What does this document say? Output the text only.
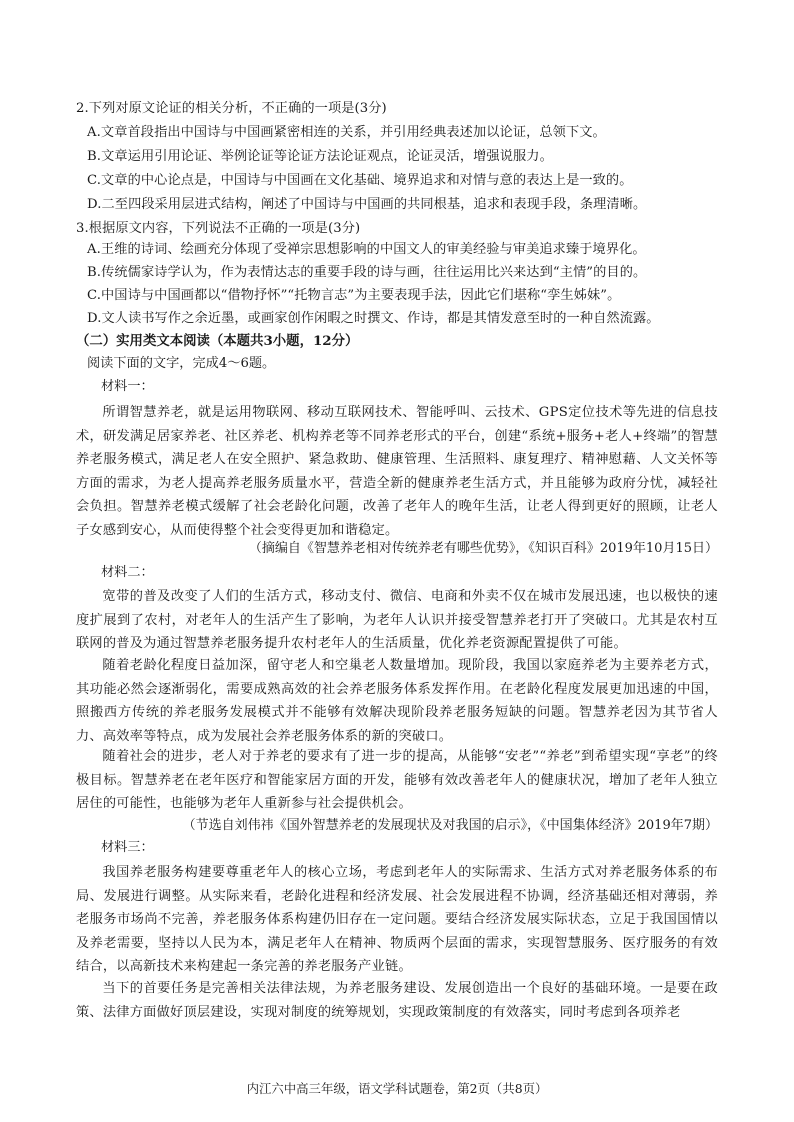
2.下列对原文论证的相关分析，不正确的一项是(3分)
A.文章首段指出中国诗与中国画紧密相连的关系，并引用经典表述加以论证，总领下文。
B.文章运用引用论证、举例论证等论证方法论证观点，论证灵活，增强说服力。
C.文章的中心论点是，中国诗与中国画在文化基础、境界追求和对情与意的表达上是一致的。
D.二至四段采用层进式结构，阐述了中国诗与中国画的共同根基，追求和表现手段，条理清晰。
3.根据原文内容，下列说法不正确的一项是(3分)
A.王维的诗词、绘画充分体现了受禅宗思想影响的中国文人的审美经验与审美追求臻于境界化。
B.传统儒家诗学认为，作为表情达志的重要手段的诗与画，往往运用比兴来达到“主情”的目的。
C.中国诗与中国画都以“借物抒怀”“托物言志”为主要表现手法，因此它们堪称“孪生姊妹”。
D.文人读书写作之余近墨，或画家创作闲暇之时撰文、作诗，都是其情发意至时的一种自然流露。
（二）实用类文本阅读（本题共3小题，12分）
阅读下面的文字，完成4～6题。
材料一：
所谓智慧养老，就是运用物联网、移动互联网技术、智能呼叫、云技术、GPS定位技术等先进的信息技术，研发满足居家养老、社区养老、机构养老等不同养老形式的平台，创建“系统+服务+老人+终端”的智慧养老服务模式，满足老人在安全照护、紧急救助、健康管理、生活照料、康复理疗、精神慰藉、人文关怀等方面的需求，为老人提高养老服务质量水平，营造全新的健康养老生活方式，并且能够为政府分忧，减轻社会负担。智慧养老模式缓解了社会老龄化问题，改善了老年人的晚年生活，让老人得到更好的照顾，让老人子女感到安心，从而使得整个社会变得更加和谐稳定。
（摘编自《智慧养老相对传统养老有哪些优势》，《知识百科》2019年10月15日）
材料二：
宽带的普及改变了人们的生活方式，移动支付、微信、电商和外卖不仅在城市发展迅速，也以极快的速度扩展到了农村，对老年人的生活产生了影响，为老年人认识并接受智慧养老打开了突破口。尤其是农村互联网的普及为通过智慧养老服务提升农村老年人的生活质量，优化养老资源配置提供了可能。
随着老龄化程度日益加深，留守老人和空巢老人数量增加。现阶段，我国以家庭养老为主要养老方式，其功能必然会逐渐弱化，需要成熟高效的社会养老服务体系发挥作用。在老龄化程度发展更加迅速的中国，照搬西方传统的养老服务发展模式并不能够有效解决现阶段养老服务短缺的问题。智慧养老因为其节省人力、高效率等特点，成为发展社会养老服务体系的新的突破口。
随着社会的进步，老人对于养老的要求有了进一步的提高，从能够“安老”“养老”到希望实现“享老”的终极目标。智慧养老在老年医疗和智能家居方面的开发，能够有效改善老年人的健康状况，增加了老年人独立居住的可能性，也能够为老年人重新参与社会提供机会。
（节选自刘伟祎《国外智慧养老的发展现状及对我国的启示》，《中国集体经济》2019年7期）
材料三：
我国养老服务构建要尊重老年人的核心立场，考虑到老年人的实际需求、生活方式对养老服务体系的布局、发展进行调整。从实际来看，老龄化进程和经济发展、社会发展进程不协调，经济基础还相对薄弱，养老服务市场尚不完善，养老服务体系构建仍旧存在一定问题。要结合经济发展实际状态，立足于我国国情以及养老需要，坚持以人民为本，满足老年人在精神、物质两个层面的需求，实现智慧服务、医疗服务的有效结合，以高新技术来构建起一条完善的养老服务产业链。
当下的首要任务是完善相关法律法规，为养老服务建设、发展创造出一个良好的基础环境。一是要在政策、法律方面做好顶层建设，实现对制度的统筹规划，实现政策制度的有效落实，同时考虑到各项养老
内江六中高三年级，语文学科试题卷，第2页（共8页）
